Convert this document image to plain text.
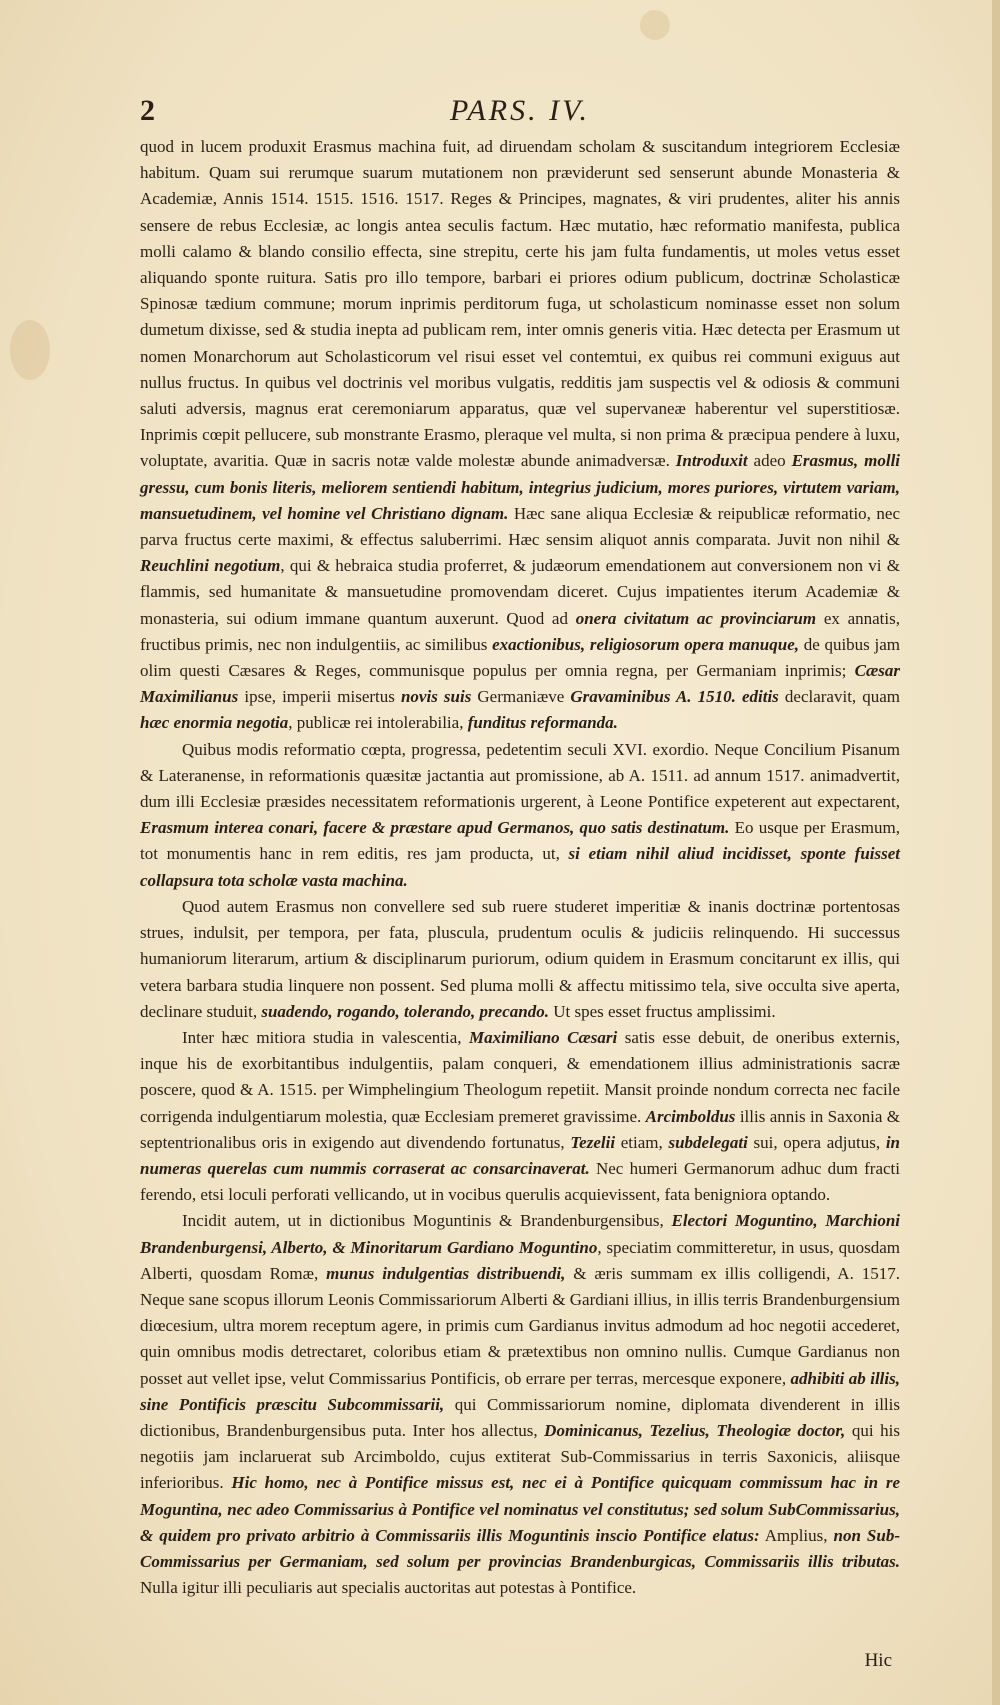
2	PARS. IV.

quod in lucem produxit Erasmus machina fuit, ad diruendam scholam & suscitandum integriorem Ecclesiæ habitum. Quam sui rerumque suarum mutationem non præviderunt sed senserunt abunde Monasteria & Academiæ, Annis 1514. 1515. 1516. 1517. Reges & Principes, magnates, & viri prudentes, aliter his annis sensere de rebus Ecclesiæ, ac longis antea seculis factum. Hæc mutatio, hæc reformatio manifesta, publica molli calamo & blando consilio effecta, sine strepitu, certe his jam fulta fundamentis, ut moles vetus esset aliquando sponte ruitura. Satis pro illo tempore, barbari ei priores odium publicum, doctrinæ Scholasticæ Spinosæ tædium commune; morum inprimis perditorum fuga, ut scholasticum nominasse esset non solum dumetum dixisse, sed & studia inepta ad publicam rem, inter omnis generis vitia. Hæc detecta per Erasmum ut nomen Monarchorum aut Scholasticorum vel risui esset vel contemtui, ex quibus rei communi exiguus aut nullus fructus. In quibus vel doctrinis vel moribus vulgatis, redditis jam suspectis vel & odiosis & communi saluti adversis, magnus erat ceremoniarum apparatus, quæ vel supervaneæ haberentur vel superstitiosæ. Inprimis cœpit pellucere, sub monstrante Erasmo, pleraque vel multa, si non prima & præcipua pendere à luxu, voluptate, avaritia. Quæ in sacris notæ valde molestæ abunde animadversæ. Introduxit adeo Erasmus, molli gressu, cum bonis literis, meliorem sentiendi habitum, integrius judicium, mores puriores, virtutem variam, mansuetudinem, vel homine vel Christiano dignam. Hæc sane aliqua Ecclesiæ & reipublicæ reformatio, nec parva fructus certe maximi, & effectus saluberrimi. Hæc sensim aliquot annis comparata. Juvit non nihil & Reuchlini negotium, qui & hebraica studia proferret, & judæorum emendationem aut conversionem non vi & flammis, sed humanitate & mansuetudine promovendam diceret. Cujus impatientes iterum Academiæ & monasteria, sui odium immane quantum auxerunt. Quod ad onera civitatum ac provinciarum ex annatis, fructibus primis, nec non indulgentiis, ac similibus exactionibus, religiosorum opera manuque, de quibus jam olim questi Cæsares & Reges, communisque populus per omnia regna, per Germaniam inprimis; Cæsar Maximilianus ipse, imperii misertus novis suis Germaniæve Gravaminibus A. 1510. editis declaravit, quam hæc enormia negotia, publicæ rei intolerabilia, funditus reformanda.

Quibus modis reformatio cœpta, progressa, pedetentim seculi XVI. exordio. Neque Concilium Pisanum & Lateranense, in reformationis quæsitæ jactantia aut promissione, ab A. 1511. ad annum 1517. animadvertit, dum illi Ecclesiæ præsides necessitatem reformationis urgerent, à Leone Pontifice expeterent aut expectarent, Erasmum interea conari, facere & præstare apud Germanos, quo satis destinatum. Eo usque per Erasmum, tot monumentis hanc in rem editis, res jam producta, ut, si etiam nihil aliud incidisset, sponte fuisset collapsura tota scholæ vasta machina.

Quod autem Erasmus non convellere sed sub ruere studeret imperitiæ & inanis doctrinæ portentosas strues, indulsit, per tempora, per fata, pluscula, prudentum oculis & judiciis relinquendo. Hi successus humaniorum literarum, artium & disciplinarum puriorum, odium quidem in Erasmum concitarunt ex illis, qui vetera barbara studia linquere non possent. Sed pluma molli & affectu mitissimo tela, sive occulta sive aperta, declinare studuit, suadendo, rogando, tolerando, precando. Ut spes esset fructus amplissimi.

Inter hæc mitiora studia in valescentia, Maximiliano Cæsari satis esse debuit, de oneribus externis, inque his de exorbitantibus indulgentiis, palam conqueri, & emendationem illius administrationis sacræ poscere, quod & A. 1515. per Wimphelingium Theologum repetiit. Mansit proinde nondum correcta nec facile corrigenda indulgentiarum molestia, quæ Ecclesiam premeret gravissime. Arcimboldus illis annis in Saxonia & septentrionalibus oris in exigendo aut divendendo fortunatus, Tezelii etiam, subdelegati sui, opera adjutus, in numeras querelas cum nummis corraserat ac consarcinaverat. Nec humeri Germanorum adhuc dum fracti ferendo, etsi loculi perforati vellicando, ut in vocibus querulis acquievissent, fata benigniora optando.

Incidit autem, ut in dictionibus Moguntinis & Brandenburgensibus, Electori Moguntino, Marchioni Brandenburgensi, Alberto, & Minoritarum Gardiano Moguntino, speciatim committeretur, in usus, quosdam Alberti, quosdam Romæ, munus indulgentias distribuendi, & æris summam ex illis colligendi, A. 1517. Neque sane scopus illorum Leonis Commissariorum Alberti & Gardiani illius, in illis terris Brandenburgensium diœcesium, ultra morem receptum agere, in primis cum Gardianus invitus admodum ad hoc negotii accederet, quin omnibus modis detrectaret, coloribus etiam & prætextibus non omnino nullis. Cumque Gardianus non posset aut vellet ipse, velut Commissarius Pontificis, ob errare per terras, mercesque exponere, adhibiti ab illis, sine Pontificis præscitu Subcommissarii, qui Commissariorum nomine, diplomata divenderent in illis dictionibus, Brandenburgensibus puta. Inter hos allectus, Dominicanus, Tezelius, Theologiæ doctor, qui his negotiis jam inclaruerat sub Arcimboldo, cujus extiterat Sub-Commissarius in terris Saxonicis, aliisque inferioribus. Hic homo, nec à Pontifice missus est, nec ei à Pontifice quicquam commissum hac in re Moguntina, nec adeo Commissarius à Pontifice vel nominatus vel constitutus; sed solum SubCommissarius, & quidem pro privato arbitrio à Commissariis illis Moguntinis inscio Pontifice elatus: Amplius, non Sub-Commissarius per Germaniam, sed solum per provincias Brandenburgicas, Commissariis illis tributas. Nulla igitur illi peculiaris aut specialis auctoritas aut potestas à Pontifice.

Hic
